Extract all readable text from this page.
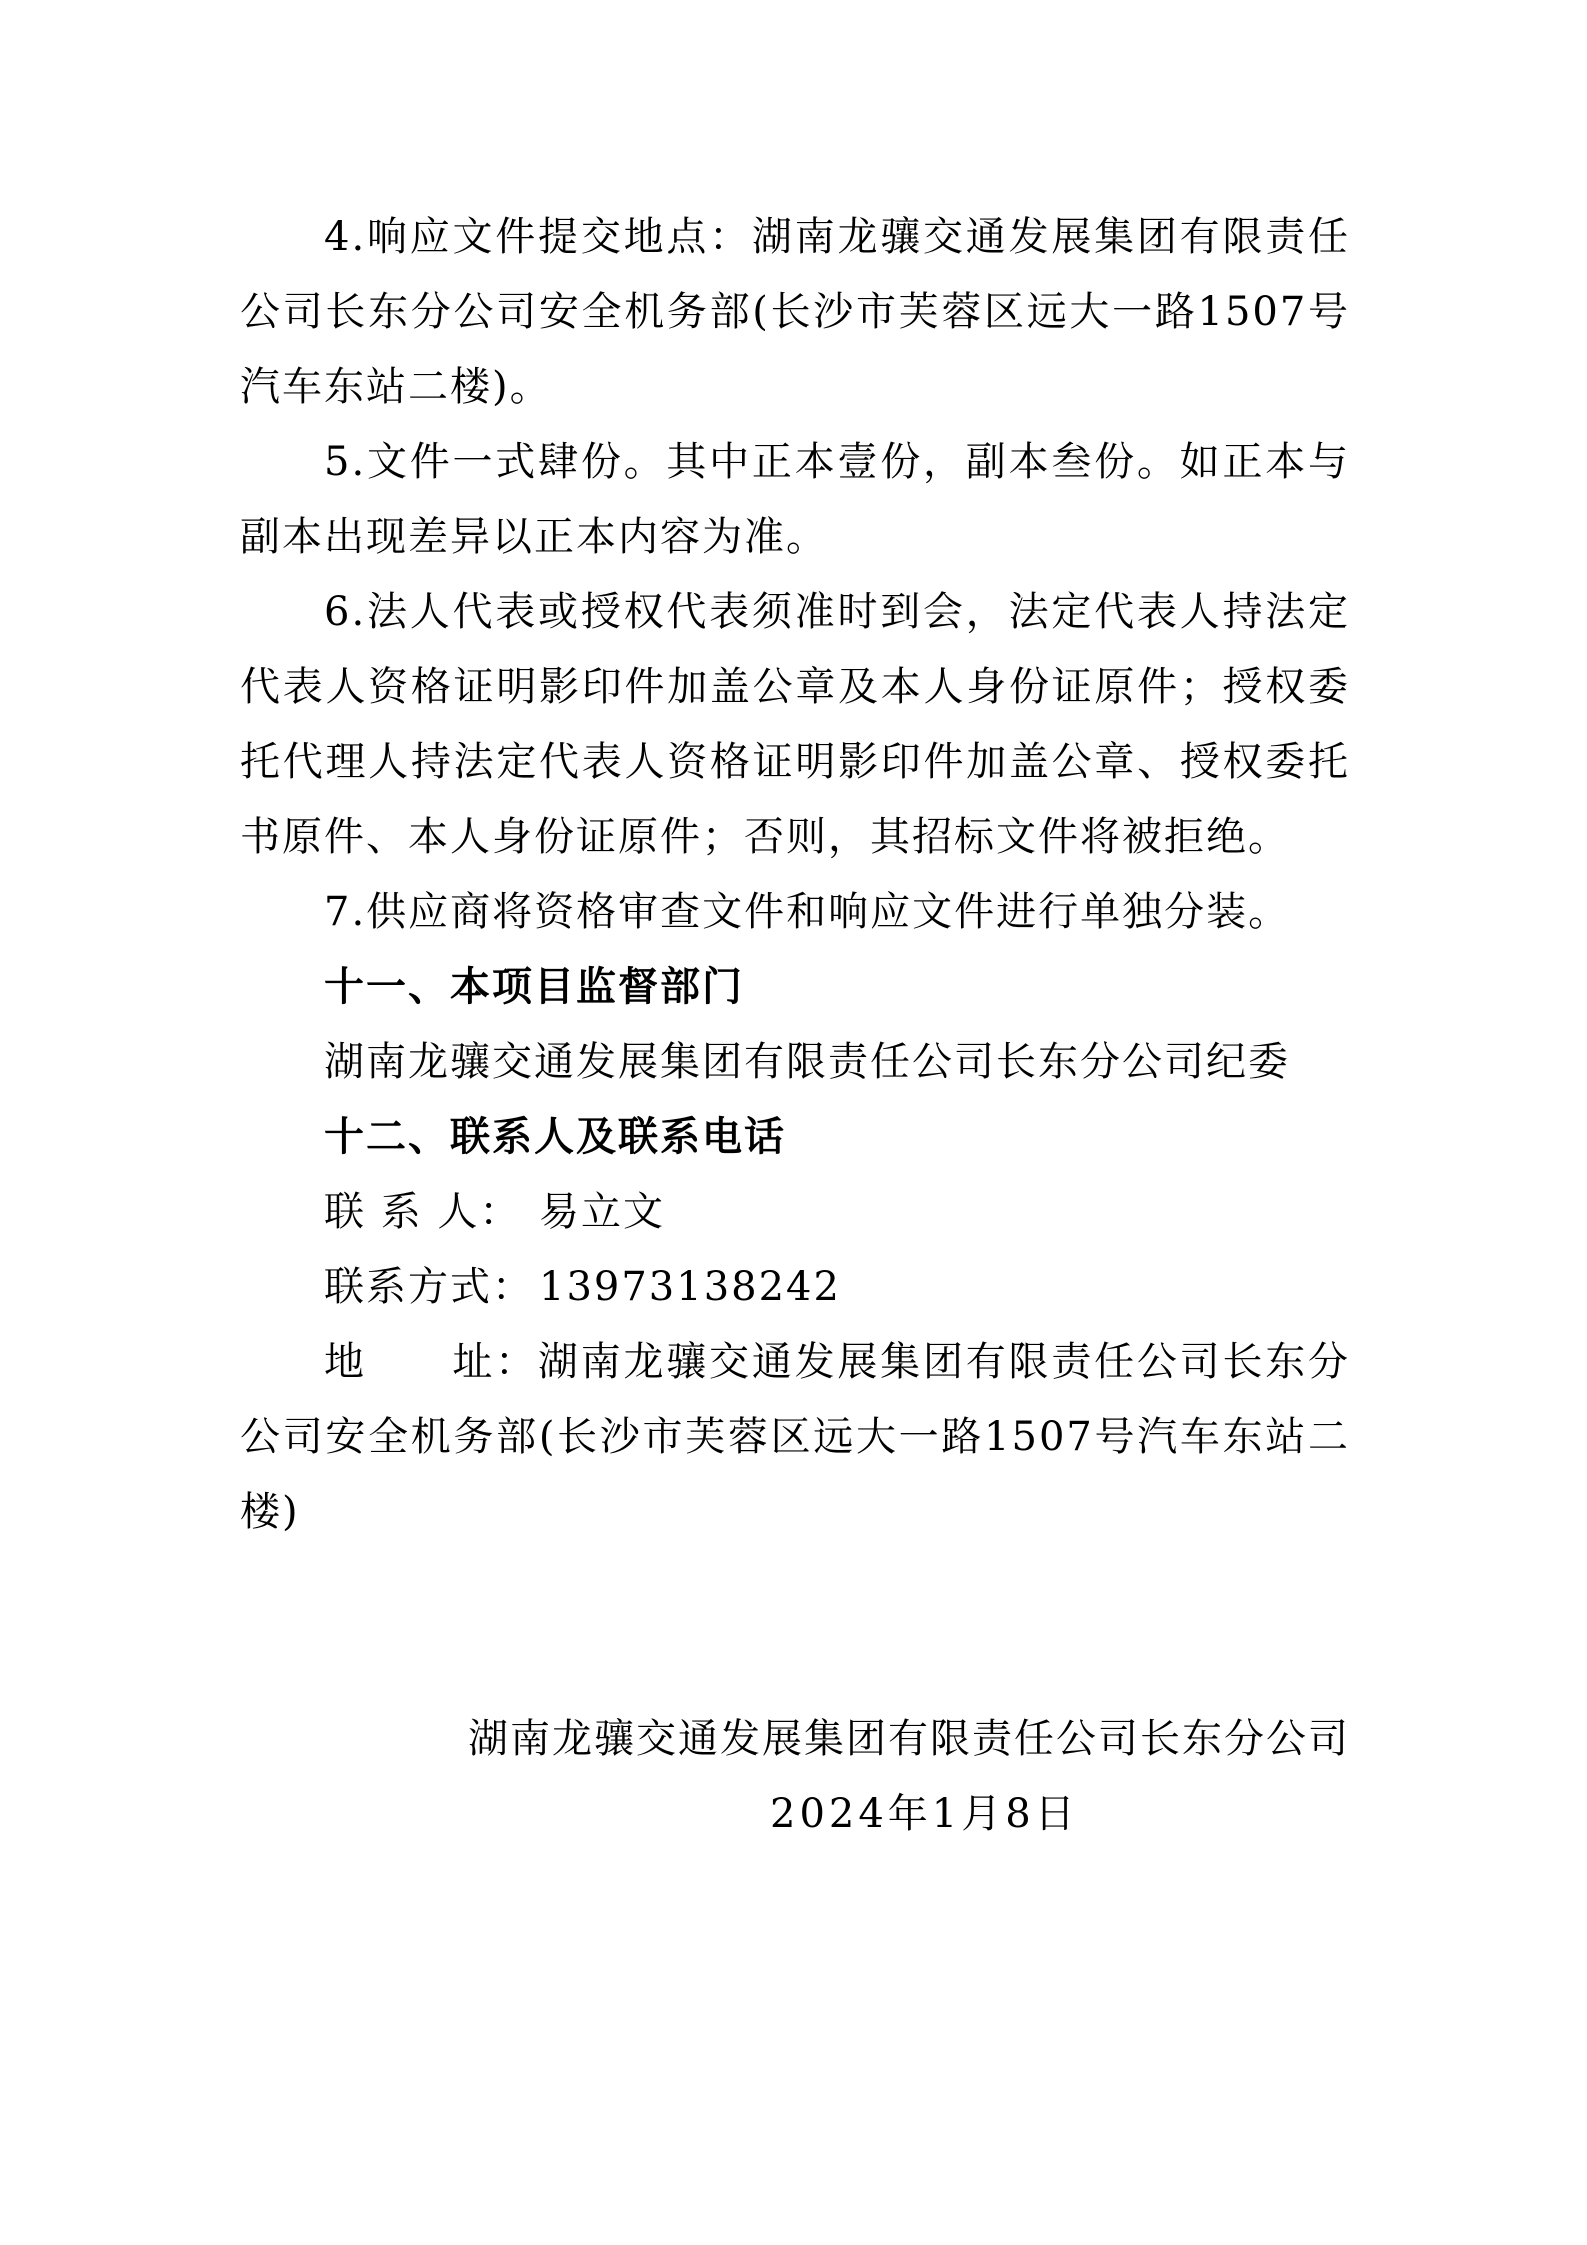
4.响应文件提交地点：湖南龙骧交通发展集团有限责任公司长东分公司安全机务部(长沙市芙蓉区远大一路1507号汽车东站二楼)。

5.文件一式肆份。其中正本壹份，副本叁份。如正本与副本出现差异以正本内容为准。

6.法人代表或授权代表须准时到会，法定代表人持法定代表人资格证明影印件加盖公章及本人身份证原件；授权委托代理人持法定代表人资格证明影印件加盖公章、授权委托书原件、本人身份证原件；否则，其招标文件将被拒绝。

7.供应商将资格审查文件和响应文件进行单独分装。

十一、本项目监督部门

湖南龙骧交通发展集团有限责任公司长东分公司纪委

十二、联系人及联系电话

联 系 人： 易立文

联系方式： 13973138242

地　　址：湖南龙骧交通发展集团有限责任公司长东分公司安全机务部(长沙市芙蓉区远大一路1507号汽车东站二楼)

湖南龙骧交通发展集团有限责任公司长东分公司

2024年1月8日
